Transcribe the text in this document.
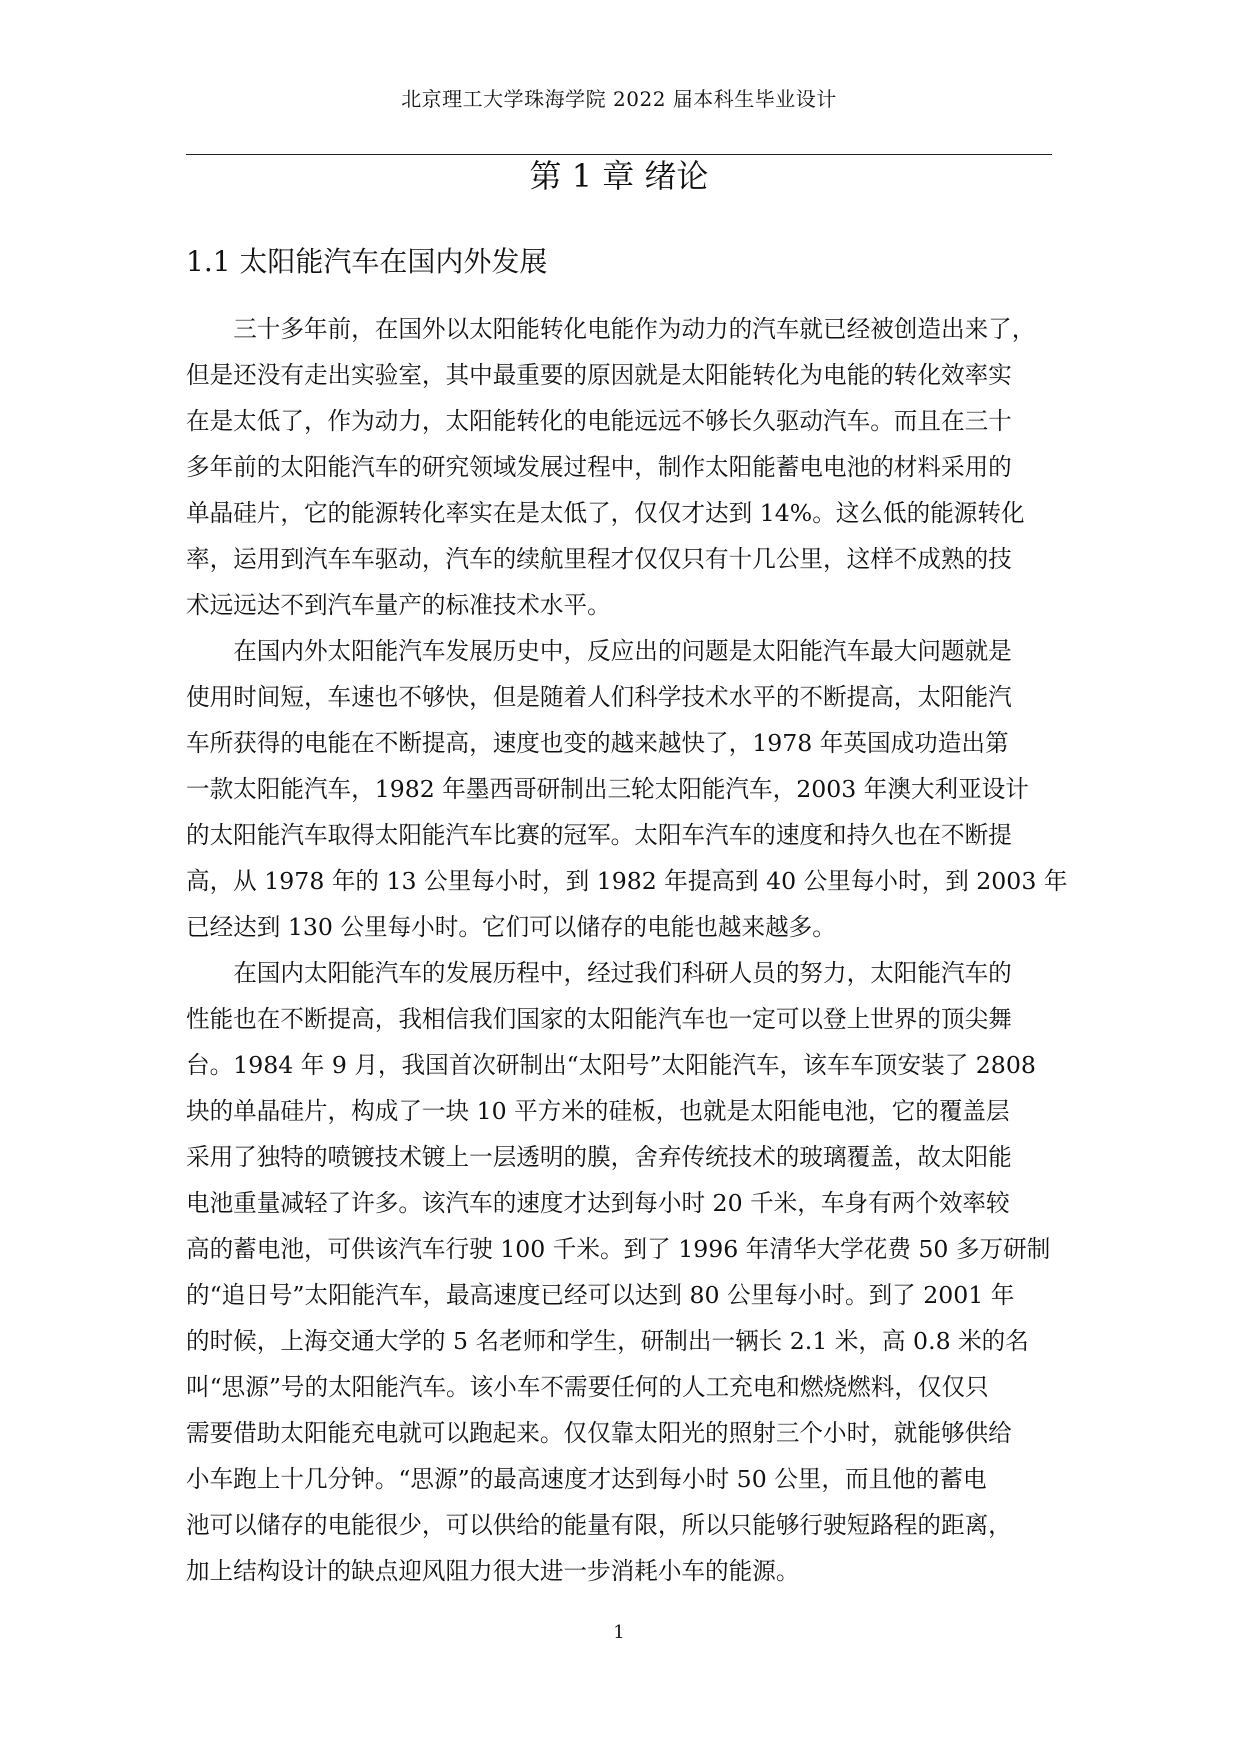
北京理工大学珠海学院 2022 届本科生毕业设计
第 1 章 绪论
1.1 太阳能汽车在国内外发展

三十多年前，在国外以太阳能转化电能作为动力的汽车就已经被创造出来了，
但是还没有走出实验室，其中最重要的原因就是太阳能转化为电能的转化效率实
在是太低了，作为动力，太阳能转化的电能远远不够长久驱动汽车。而且在三十
多年前的太阳能汽车的研究领域发展过程中，制作太阳能蓄电电池的材料采用的
单晶硅片，它的能源转化率实在是太低了，仅仅才达到 14%。这么低的能源转化
率，运用到汽车车驱动，汽车的续航里程才仅仅只有十几公里，这样不成熟的技
术远远达不到汽车量产的标准技术水平。

在国内外太阳能汽车发展历史中，反应出的问题是太阳能汽车最大问题就是
使用时间短，车速也不够快，但是随着人们科学技术水平的不断提高，太阳能汽
车所获得的电能在不断提高，速度也变的越来越快了，1978 年英国成功造出第
一款太阳能汽车，1982 年墨西哥研制出三轮太阳能汽车，2003 年澳大利亚设计
的太阳能汽车取得太阳能汽车比赛的冠军。太阳车汽车的速度和持久也在不断提
高，从 1978 年的 13 公里每小时，到 1982 年提高到 40 公里每小时，到 2003 年
已经达到 130 公里每小时。它们可以储存的电能也越来越多。

在国内太阳能汽车的发展历程中，经过我们科研人员的努力，太阳能汽车的
性能也在不断提高，我相信我们国家的太阳能汽车也一定可以登上世界的顶尖舞
台。1984 年 9 月，我国首次研制出“太阳号”太阳能汽车，该车车顶安装了 2808
块的单晶硅片，构成了一块 10 平方米的硅板，也就是太阳能电池，它的覆盖层
采用了独特的喷镀技术镀上一层透明的膜，舍弃传统技术的玻璃覆盖，故太阳能
电池重量减轻了许多。该汽车的速度才达到每小时 20 千米，车身有两个效率较
高的蓄电池，可供该汽车行驶 100 千米。到了 1996 年清华大学花费 50 多万研制
的“追日号”太阳能汽车，最高速度已经可以达到 80 公里每小时。到了 2001 年
的时候，上海交通大学的 5 名老师和学生，研制出一辆长 2.1 米，高 0.8 米的名
叫“思源”号的太阳能汽车。该小车不需要任何的人工充电和燃烧燃料，仅仅只
需要借助太阳能充电就可以跑起来。仅仅靠太阳光的照射三个小时，就能够供给
小车跑上十几分钟。“思源”的最高速度才达到每小时 50 公里，而且他的蓄电
池可以储存的电能很少，可以供给的能量有限，所以只能够行驶短路程的距离，
加上结构设计的缺点迎风阻力很大进一步消耗小车的能源。

1
